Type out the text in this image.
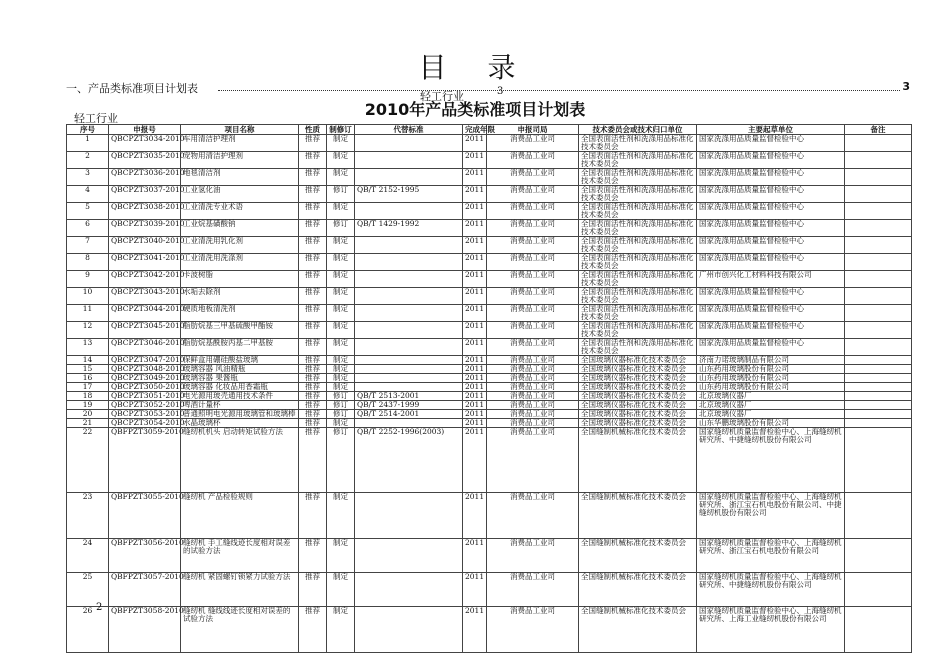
目 录
一、产品类标准项目计划表	3
轻工行业	3
2010年产品类标准项目计划表
轻工行业
序号	申报号	项目名称	性质	制修订	代替标准	完成年限	申报司局	技术委员会或技术归口单位	主要起草单位	备注
1	QBCPZT3034-2010	车用清洁护理剂	推荐	制定		2011	消费品工业司	全国表面活性剂和洗涤用品标准化技术委员会	国家洗涤用品质量监督检验中心	
2	QBCPZT3035-2010	宠物用清洁护理剂	推荐	制定		2011	消费品工业司	全国表面活性剂和洗涤用品标准化技术委员会	国家洗涤用品质量监督检验中心	
3	QBCPZT3036-2010	地毯清洁剂	推荐	制定		2011	消费品工业司	全国表面活性剂和洗涤用品标准化技术委员会	国家洗涤用品质量监督检验中心	
4	QBCPZT3037-2010	工业氢化油	推荐	修订	QB/T 2152-1995	2011	消费品工业司	全国表面活性剂和洗涤用品标准化技术委员会	国家洗涤用品质量监督检验中心	
5	QBCPZT3038-2010	工业清洗专业术语	推荐	制定		2011	消费品工业司	全国表面活性剂和洗涤用品标准化技术委员会	国家洗涤用品质量监督检验中心	
6	QBCPZT3039-2010	工业烷基磺酸钠	推荐	修订	QB/T 1429-1992	2011	消费品工业司	全国表面活性剂和洗涤用品标准化技术委员会	国家洗涤用品质量监督检验中心	
7	QBCPZT3040-2010	工业清洗用乳化剂	推荐	制定		2011	消费品工业司	全国表面活性剂和洗涤用品标准化技术委员会	国家洗涤用品质量监督检验中心	
8	QBCPZT3041-2010	工业清洗用洗涤剂	推荐	制定		2011	消费品工业司	全国表面活性剂和洗涤用品标准化技术委员会	国家洗涤用品质量监督检验中心	
9	QBCPZT3042-2010	卡波树脂	推荐	制定		2011	消费品工业司	全国表面活性剂和洗涤用品标准化技术委员会	广州市创兴化工材料科技有限公司	
10	QBCPZT3043-2010	水垢去除剂	推荐	制定		2011	消费品工业司	全国表面活性剂和洗涤用品标准化技术委员会	国家洗涤用品质量监督检验中心	
11	QBCPZT3044-2010	硬质地板清洗剂	推荐	制定		2011	消费品工业司	全国表面活性剂和洗涤用品标准化技术委员会	国家洗涤用品质量监督检验中心	
12	QBCPZT3045-2010	脂肪烷基三甲基硫酸甲酯铵	推荐	制定		2011	消费品工业司	全国表面活性剂和洗涤用品标准化技术委员会	国家洗涤用品质量监督检验中心	
13	QBCPZT3046-2010	脂肪烷基酰胺丙基二甲基胺	推荐	制定		2011	消费品工业司	全国表面活性剂和洗涤用品标准化技术委员会	国家洗涤用品质量监督检验中心	
14	QBCPZT3047-2010	保鲜盒用硼硅酸盐玻璃	推荐	制定		2011	消费品工业司	全国玻璃仪器标准化技术委员会	济南力诺玻璃制品有限公司	
15	QBCPZT3048-2010	玻璃容器 风油精瓶	推荐	制定		2011	消费品工业司	全国玻璃仪器标准化技术委员会	山东药用玻璃股份有限公司	
16	QBCPZT3049-2010	玻璃容器 果酱瓶	推荐	制定		2011	消费品工业司	全国玻璃仪器标准化技术委员会	山东药用玻璃股份有限公司	
17	QBCPZT3050-2010	玻璃容器 化妆品用香霜瓶	推荐	制定		2011	消费品工业司	全国玻璃仪器标准化技术委员会	山东药用玻璃股份有限公司	
18	QBCPZT3051-2010	电光源用玻壳通用技术条件	推荐	修订	QB/T 2513-2001	2011	消费品工业司	全国玻璃仪器标准化技术委员会	北京玻璃仪器厂	
19	QBCPZT3052-2010	啤酒计量杯	推荐	修订	QB/T 2437-1999	2011	消费品工业司	全国玻璃仪器标准化技术委员会	北京玻璃仪器厂	
20	QBCPZT3053-2010	普通照明电光源用玻璃管和玻璃棒	推荐	修订	QB/T 2514-2001	2011	消费品工业司	全国玻璃仪器标准化技术委员会	北京玻璃仪器厂	
21	QBCPZT3054-2010	水晶玻璃杯	推荐	制定		2011	消费品工业司	全国玻璃仪器标准化技术委员会	山东华鹏玻璃股份有限公司	
22	QBFPZT3059-2010	缝纫机机头 启动转矩试验方法	推荐	修订	QB/T 2252-1996(2003)	2011	消费品工业司	全国缝制机械标准化技术委员会	国家缝纫机质量监督检验中心、上海缝纫机研究所、中捷缝纫机股份有限公司	
23	QBFPZT3055-2010	缝纫机 产品检验规则	推荐	制定		2011	消费品工业司	全国缝制机械标准化技术委员会	国家缝纫机质量监督检验中心、上海缝纫机研究所、浙江宝石机电股份有限公司、中捷缝纫机股份有限公司	
24	QBFPZT3056-2010	缝纫机 手工缝线迹长度相对误差的试验方法	推荐	制定		2011	消费品工业司	全国缝制机械标准化技术委员会	国家缝纫机质量监督检验中心、上海缝纫机研究所、浙江宝石机电股份有限公司	
25	QBFPZT3057-2010	缝纫机 紧固螺钉锁紧力试验方法	推荐	制定		2011	消费品工业司	全国缝制机械标准化技术委员会	国家缝纫机质量监督检验中心、上海缝纫机研究所、中捷缝纫机股份有限公司	
26	QBFPZT3058-2010	缝纫机 缝线线迹长度相对误差的试验方法	推荐	制定		2011	消费品工业司	全国缝制机械标准化技术委员会	国家缝纫机质量监督检验中心、上海缝纫机研究所、上海工业缝纫机股份有限公司	
2
